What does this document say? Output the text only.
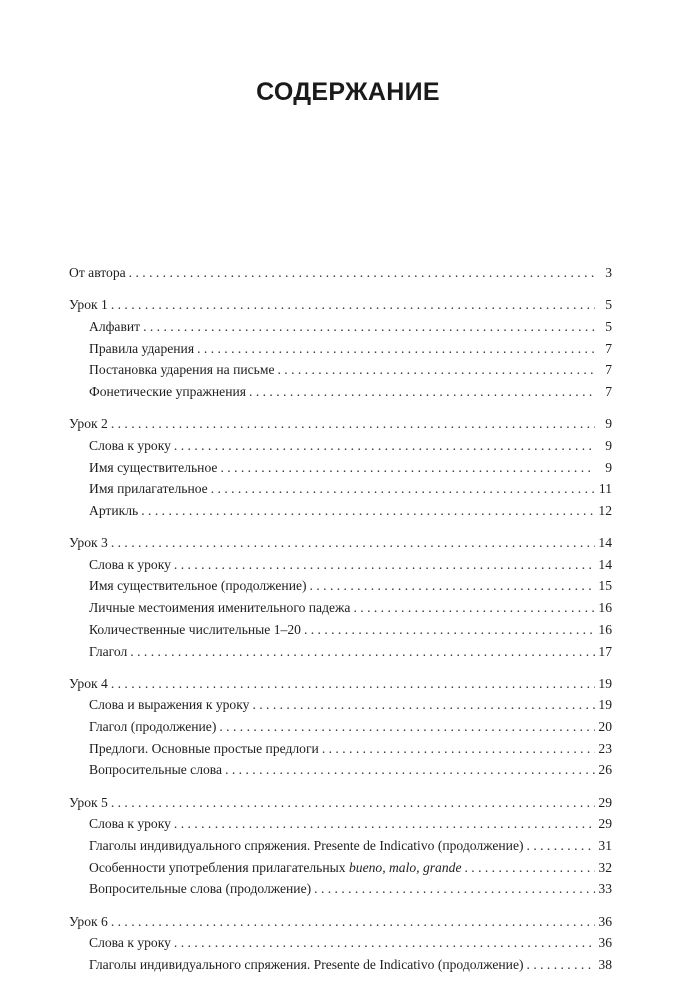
СОДЕРЖАНИЕ
От автора . . .	3
Урок 1 . . .	5
Алфавит . . .	5
Правила ударения . . .	7
Постановка ударения на письме . . .	7
Фонетические упражнения . . .	7
Урок 2 . . .	9
Слова к уроку . . .	9
Имя существительное . . .	9
Имя прилагательное . . .	11
Артикль . . .	12
Урок 3 . . .	14
Слова к уроку . . .	14
Имя существительное (продолжение) . . .	15
Личные местоимения именительного падежа . . .	16
Количественные числительные 1–20 . . .	16
Глагол . . .	17
Урок 4 . . .	19
Слова и выражения к уроку . . .	19
Глагол (продолжение) . . .	20
Предлоги. Основные простые предлоги . . .	23
Вопросительные слова . . .	26
Урок 5 . . .	29
Слова к уроку . . .	29
Глаголы индивидуального спряжения. Presente de Indicativo (продолжение) . . .	31
Особенности употребления прилагательных bueno, malo, grande . . .	32
Вопросительные слова (продолжение) . . .	33
Урок 6 . . .	36
Слова к уроку . . .	36
Глаголы индивидуального спряжения. Presente de Indicativo (продолжение) . . .	38
